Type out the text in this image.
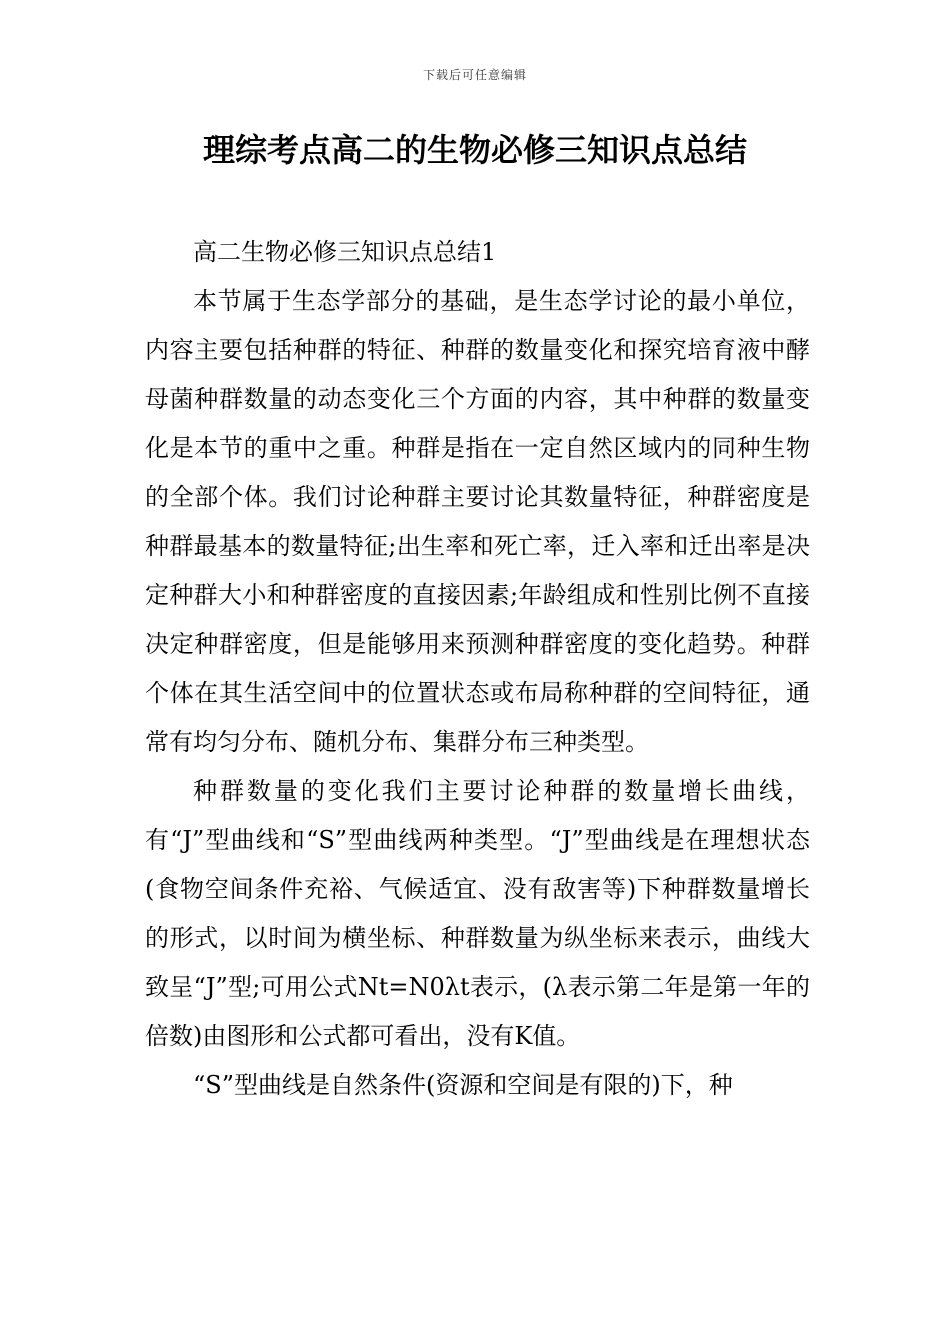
下载后可任意编辑
理综考点高二的生物必修三知识点总结

高二生物必修三知识点总结1

本节属于生态学部分的基础，是生态学讨论的最小单位，内容主要包括种群的特征、种群的数量变化和探究培育液中酵母菌种群数量的动态变化三个方面的内容，其中种群的数量变化是本节的重中之重。种群是指在一定自然区域内的同种生物的全部个体。我们讨论种群主要讨论其数量特征，种群密度是种群最基本的数量特征;出生率和死亡率，迁入率和迁出率是决定种群大小和种群密度的直接因素;年龄组成和性别比例不直接决定种群密度，但是能够用来预测种群密度的变化趋势。种群个体在其生活空间中的位置状态或布局称种群的空间特征，通常有均匀分布、随机分布、集群分布三种类型。

种群数量的变化我们主要讨论种群的数量增长曲线，有“J”型曲线和“S”型曲线两种类型。“J”型曲线是在理想状态(食物空间条件充裕、气候适宜、没有敌害等)下种群数量增长的形式，以时间为横坐标、种群数量为纵坐标来表示，曲线大致呈“J”型;可用公式Nt=N0λt表示，(λ表示第二年是第一年的倍数)由图形和公式都可看出，没有K值。

“S”型曲线是自然条件(资源和空间是有限的)下，种
